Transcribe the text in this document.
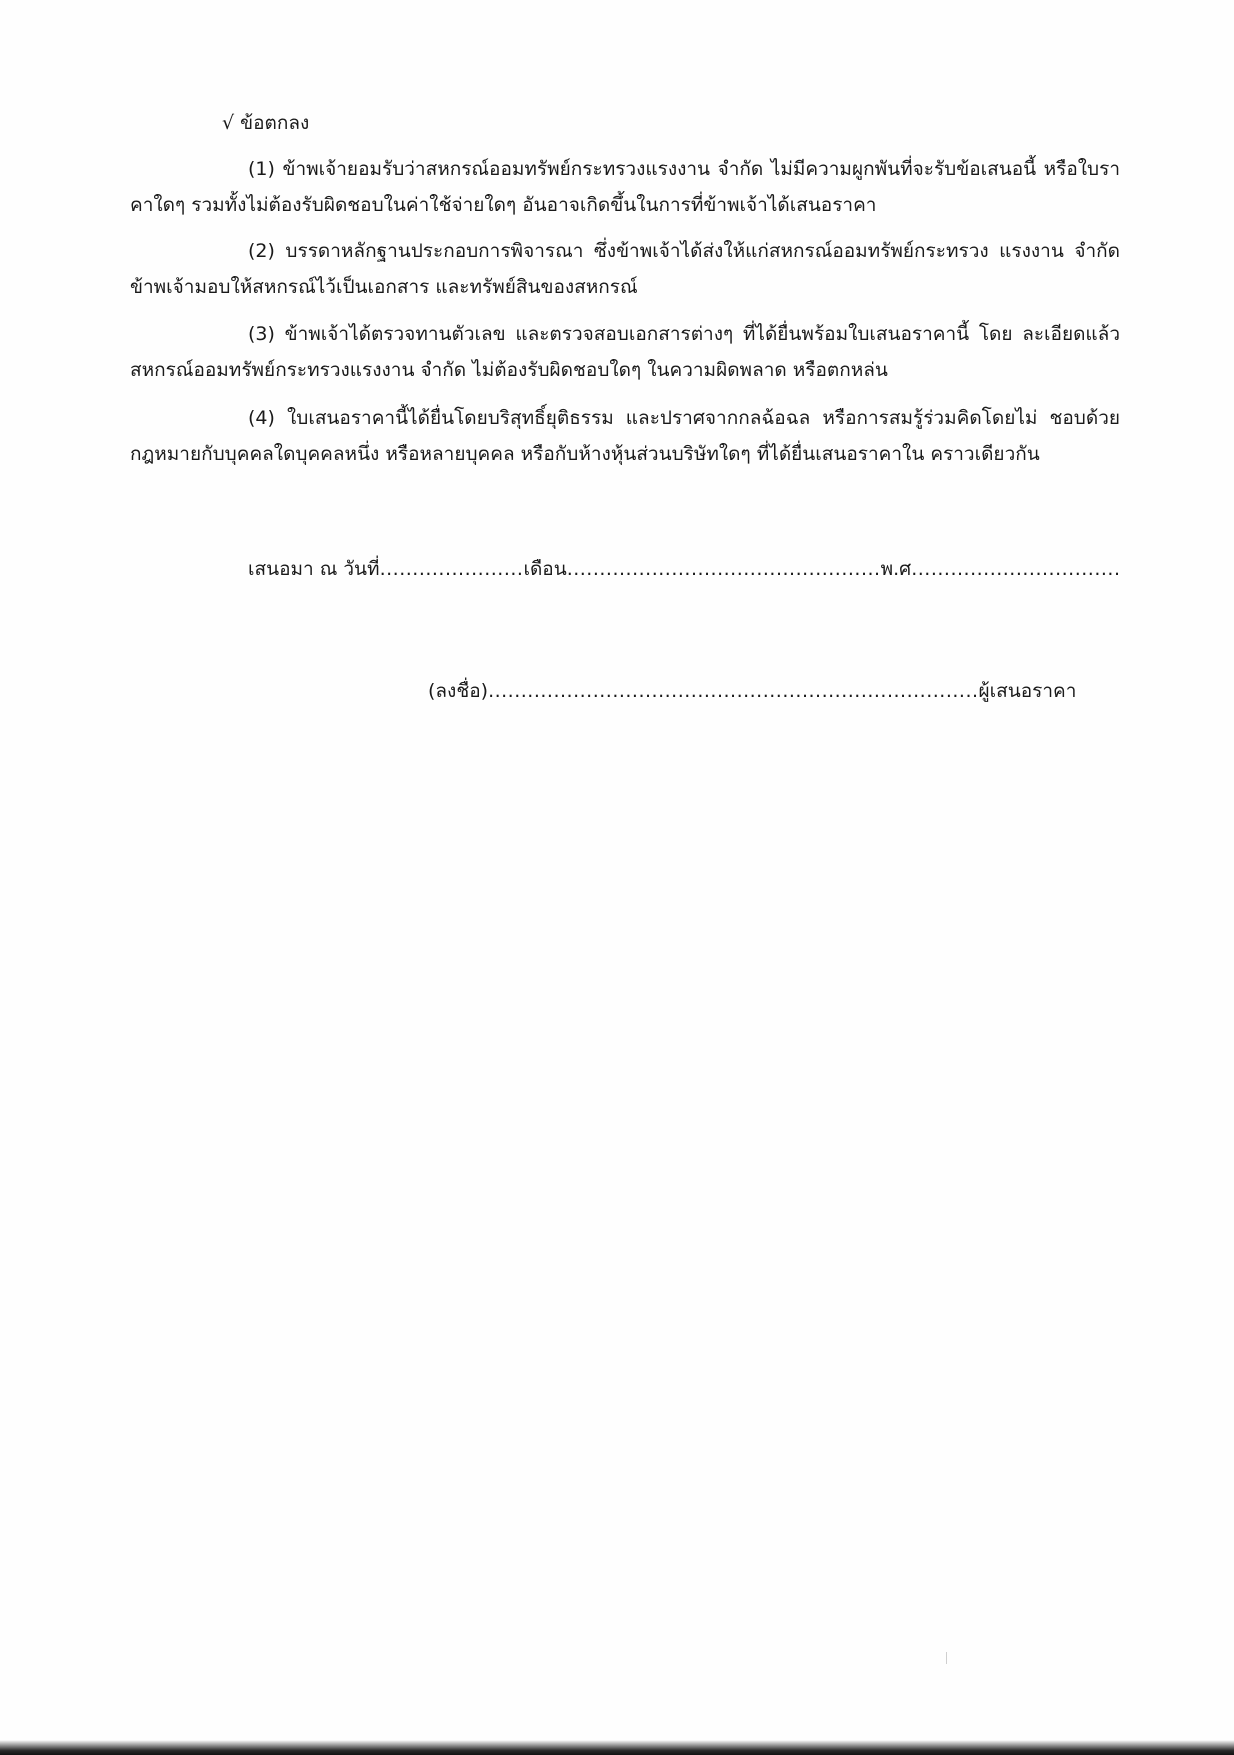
√ ข้อตกลง

(1) ข้าพเจ้ายอมรับว่าสหกรณ์ออมทรัพย์กระทรวงแรงงาน จำกัด ไม่มีความผูกพันที่จะรับข้อเสนอนี้ หรือใบราคาใดๆ รวมทั้งไม่ต้องรับผิดชอบในค่าใช้จ่ายใดๆ อันอาจเกิดขึ้นในการที่ข้าพเจ้าได้เสนอราคา

(2) บรรดาหลักฐานประกอบการพิจารณา ซึ่งข้าพเจ้าได้ส่งให้แก่สหกรณ์ออมทรัพย์กระทรวง แรงงาน จำกัด ข้าพเจ้ามอบให้สหกรณ์ไว้เป็นเอกสาร และทรัพย์สินของสหกรณ์

(3) ข้าพเจ้าได้ตรวจทานตัวเลข และตรวจสอบเอกสารต่างๆ ที่ได้ยื่นพร้อมใบเสนอราคานี้ โดย ละเอียดแล้ว สหกรณ์ออมทรัพย์กระทรวงแรงงาน จำกัด ไม่ต้องรับผิดชอบใดๆ ในความผิดพลาด หรือตกหล่น

(4) ใบเสนอราคานี้ได้ยื่นโดยบริสุทธิ์ยุติธรรม และปราศจากกลฉ้อฉล หรือการสมรู้ร่วมคิดโดยไม่ ชอบด้วยกฎหมายกับบุคคลใดบุคคลหนึ่ง หรือหลายบุคคล หรือกับห้างหุ้นส่วนบริษัทใดๆ ที่ได้ยื่นเสนอราคาใน คราวเดียวกัน

เสนอมา ณ วันที่......................เดือน................................................พ.ศ................................
(ลงชื่อ)...........................................................................ผู้เสนอราคา
